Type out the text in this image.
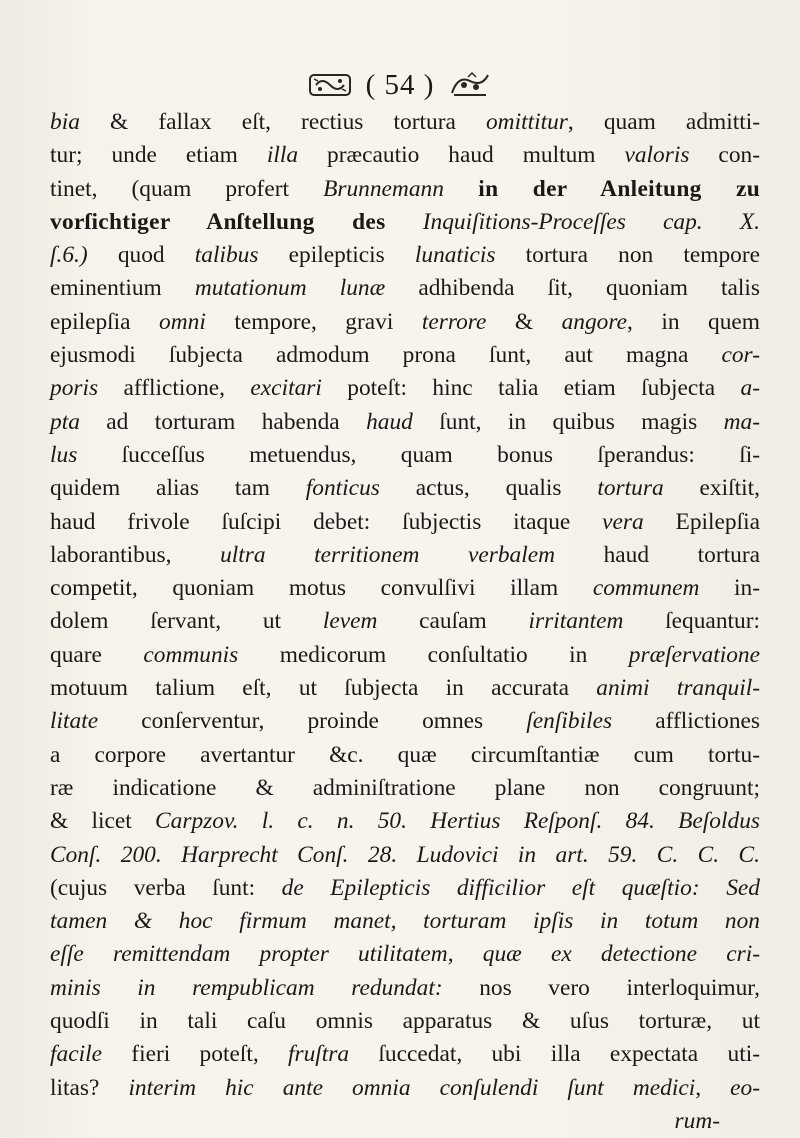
( 54 )
bia & fallax eſt, rectius tortura omittitur, quam admitti-
tur; unde etiam illa præcautio haud multum valoris con-
tinet, (quam profert Brunnemann in der Anleitung zu
vorſichtiger Anſtellung des Inquiſitions-Proceſſes cap. X.
ſ.6.) quod talibus epilepticis lunaticis tortura non tempore
eminentium mutationum lunæ adhibenda ſit, quoniam talis
epilepſia omni tempore, gravi terrore & angore, in quem
ejusmodi ſubjecta admodum prona ſunt, aut magna cor-
poris afflictione, excitari poteſt: hinc talia etiam ſubjecta a-
pta ad torturam habenda haud ſunt, in quibus magis ma-
lus ſucceſſus metuendus, quam bonus ſperandus: ſi-
quidem alias tam fonticus actus, qualis tortura exiſtit,
haud frivole ſuſcipi debet: ſubjectis itaque vera Epilepſia
laborantibus, ultra territionem verbalem haud tortura
competit, quoniam motus convulſivi illam communem in-
dolem ſervant, ut levem cauſam irritantem ſequantur:
quare communis medicorum conſultatio in præſervatione
motuum talium eſt, ut ſubjecta in accurata animi tranquil-
litate conſerventur, proinde omnes ſenſibiles afflictiones
a corpore avertantur &c. quæ circumſtantiæ cum tortu-
ræ indicatione & adminiſtratione plane non congruunt;
& licet Carpzov. l. c. n. 50. Hertius Reſponſ. 84. Beſoldus
Conſ. 200. Harprecht Conſ. 28. Ludovici in art. 59. C. C. C.
(cujus verba ſunt: de Epilepticis difficilior eſt quæſtio: Sed
tamen & hoc firmum manet, torturam ipſis in totum non
eſſe remittendam propter utilitatem, quæ ex detectione cri-
minis in rempublicam redundat: nos vero interloquimur,
quodſi in tali caſu omnis apparatus & uſus torturæ, ut
facile fieri poteſt, fruſtra ſuccedat, ubi illa expectata uti-
litas? interim hic ante omnia conſulendi ſunt medici, eo-
rum-
